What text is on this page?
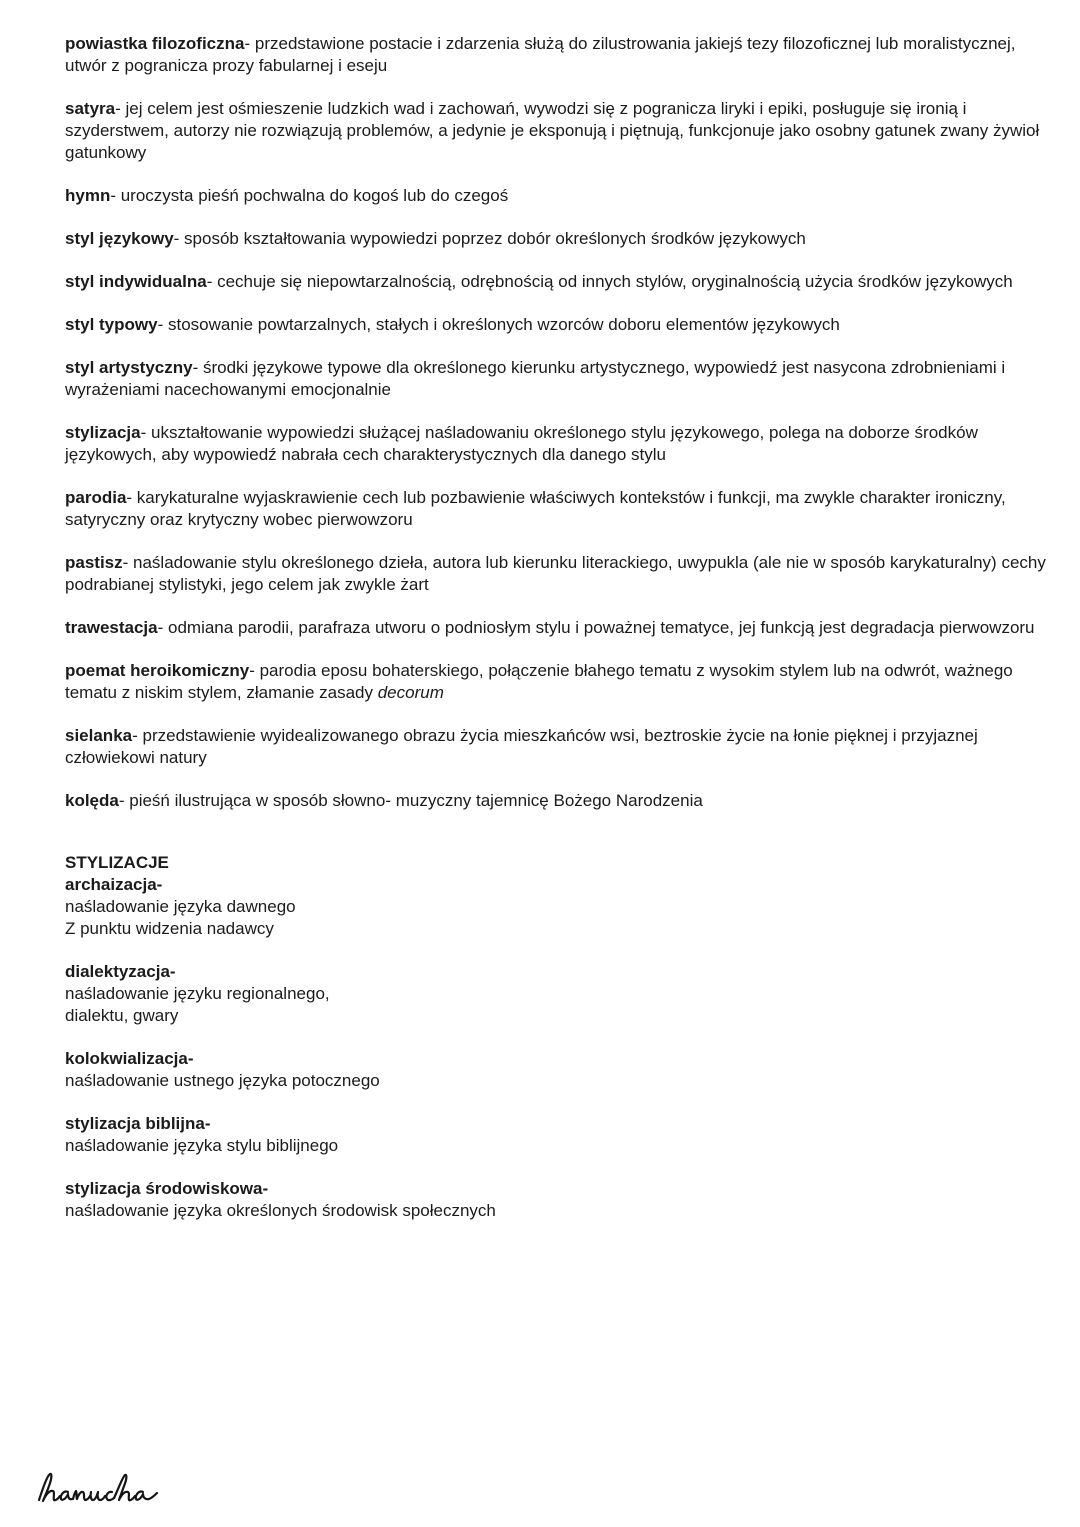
powiastka filozoficzna- przedstawione postacie i zdarzenia służą do zilustrowania jakiejś tezy filozoficznej lub moralistycznej, utwór z pogranicza prozy fabularnej i eseju
satyra- jej celem jest ośmieszenie ludzkich wad i zachowań, wywodzi się z pogranicza liryki i epiki, posługuje się ironią i szyderstwem, autorzy nie rozwiązują problemów, a jedynie je eksponują i piętnują, funkcjonuje jako osobny gatunek zwany żywioł gatunkowy
hymn- uroczysta pieśń pochwalna do kogoś lub do czegoś
styl językowy- sposób kształtowania wypowiedzi poprzez dobór określonych środków językowych
styl indywidualna- cechuje się niepowtarzalnością, odrębnością od innych stylów, oryginalnością użycia środków językowych
styl typowy- stosowanie powtarzalnych, stałych i określonych wzorców doboru elementów językowych
styl artystyczny- środki językowe typowe dla określonego kierunku artystycznego, wypowiedź jest nasycona zdrobnieniami i wyrażeniami nacechowanymi emocjonalnie
stylizacja- ukształtowanie wypowiedzi służącej naśladowaniu określonego stylu językowego, polega na doborze środków językowych, aby wypowiedź nabrała cech charakterystycznych dla danego stylu
parodia- karykaturalne wyjaskrawienie cech lub pozbawienie właściwych kontekstów i funkcji, ma zwykle charakter ironiczny, satyryczny oraz krytyczny wobec pierwowzoru
pastisz- naśladowanie stylu określonego dzieła, autora lub kierunku literackiego, uwypukla (ale nie w sposób karykaturalny) cechy podrabianej stylistyki, jego celem jak zwykle żart
trawestacja- odmiana parodii, parafraza utworu o podniosłym stylu i poważnej tematyce, jej funkcją jest degradacja pierwowzoru
poemat heroikomiczny- parodia eposu bohaterskiego, połączenie błahego tematu z wysokim stylem lub na odwrót, ważnego tematu z niskim stylem, złamanie zasady decorum
sielanka- przedstawienie wyidealizowanego obrazu życia mieszkańców wsi, beztroskie życie na łonie pięknej i przyjaznej człowiekowi natury
kolęda- pieśń ilustrująca w sposób słowno- muzyczny tajemnicę Bożego Narodzenia
STYLIZACJE
archaizacja-
naśladowanie języka dawnego
Z punktu widzenia nadawcy
dialektyzacja-
naśladowanie języku regionalnego,
dialektu, gwary
kolokwializacja-
naśladowanie ustnego języka potocznego
stylizacja biblijna-
naśladowanie języka stylu biblijnego
stylizacja środowiskowa-
naśladowanie języka określonych środowisk społecznych
